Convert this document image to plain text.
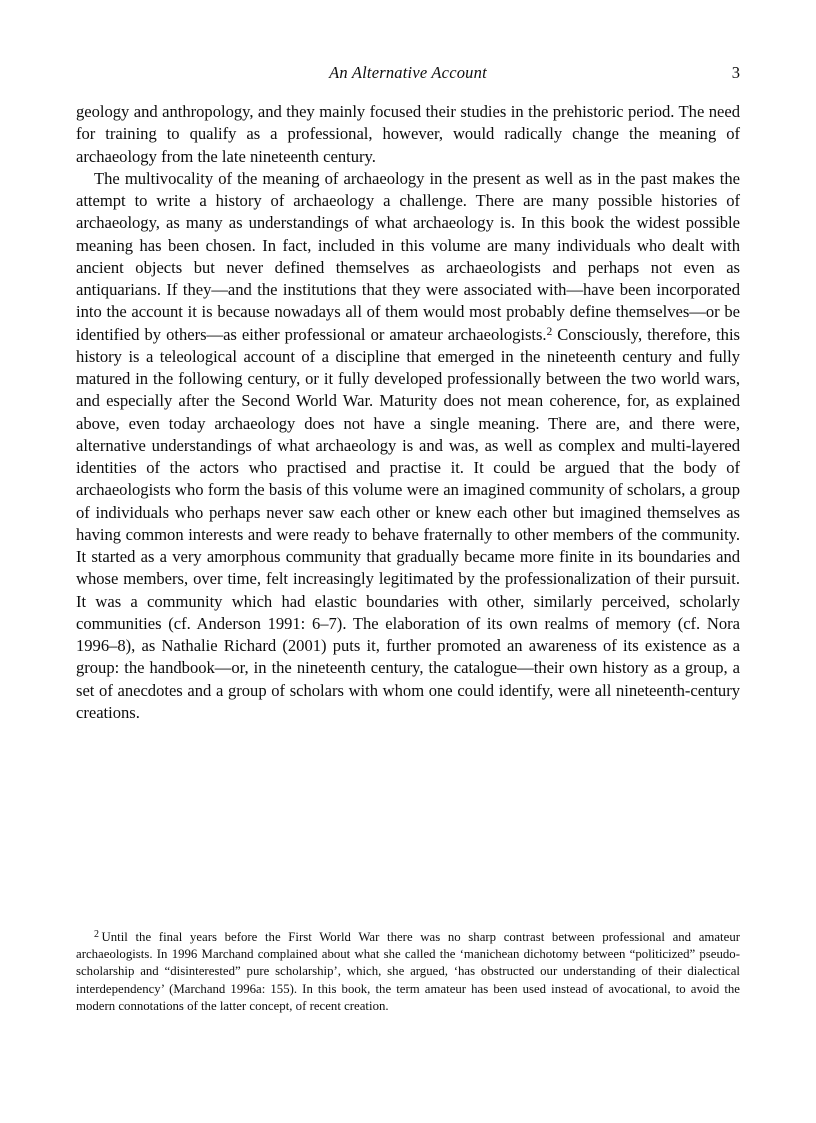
An Alternative Account	3

geology and anthropology, and they mainly focused their studies in the prehistoric period. The need for training to qualify as a professional, however, would radically change the meaning of archaeology from the late nineteenth century.

The multivocality of the meaning of archaeology in the present as well as in the past makes the attempt to write a history of archaeology a challenge. There are many possible histories of archaeology, as many as understandings of what archaeology is. In this book the widest possible meaning has been chosen. In fact, included in this volume are many individuals who dealt with ancient objects but never defined themselves as archaeologists and perhaps not even as antiquarians. If they—and the institutions that they were associated with—have been incorporated into the account it is because nowadays all of them would most probably define themselves—or be identified by others—as either professional or amateur archaeologists.$^2$ Consciously, therefore, this history is a teleological account of a discipline that emerged in the nineteenth century and fully matured in the following century, or it fully developed professionally between the two world wars, and especially after the Second World War. Maturity does not mean coherence, for, as explained above, even today archaeology does not have a single meaning. There are, and there were, alternative understandings of what archaeology is and was, as well as complex and multi-layered identities of the actors who practised and practise it. It could be argued that the body of archaeologists who form the basis of this volume were an imagined community of scholars, a group of individuals who perhaps never saw each other or knew each other but imagined themselves as having common interests and were ready to behave fraternally to other members of the community. It started as a very amorphous community that gradually became more finite in its boundaries and whose members, over time, felt increasingly legitimated by the professionalization of their pursuit. It was a community which had elastic boundaries with other, similarly perceived, scholarly communities (cf. Anderson 1991: 6–7). The elaboration of its own realms of memory (cf. Nora 1996–8), as Nathalie Richard (2001) puts it, further promoted an awareness of its existence as a group: the handbook—or, in the nineteenth century, the catalogue—their own history as a group, a set of anecdotes and a group of scholars with whom one could identify, were all nineteenth-century creations.

$^2$ Until the final years before the First World War there was no sharp contrast between professional and amateur archaeologists. In 1996 Marchand complained about what she called the ‘manichean dichotomy between “politicized” pseudo-scholarship and “disinterested” pure scholarship’, which, she argued, ‘has obstructed our understanding of their dialectical interdependency’ (Marchand 1996a: 155). In this book, the term amateur has been used instead of avocational, to avoid the modern connotations of the latter concept, of recent creation.
